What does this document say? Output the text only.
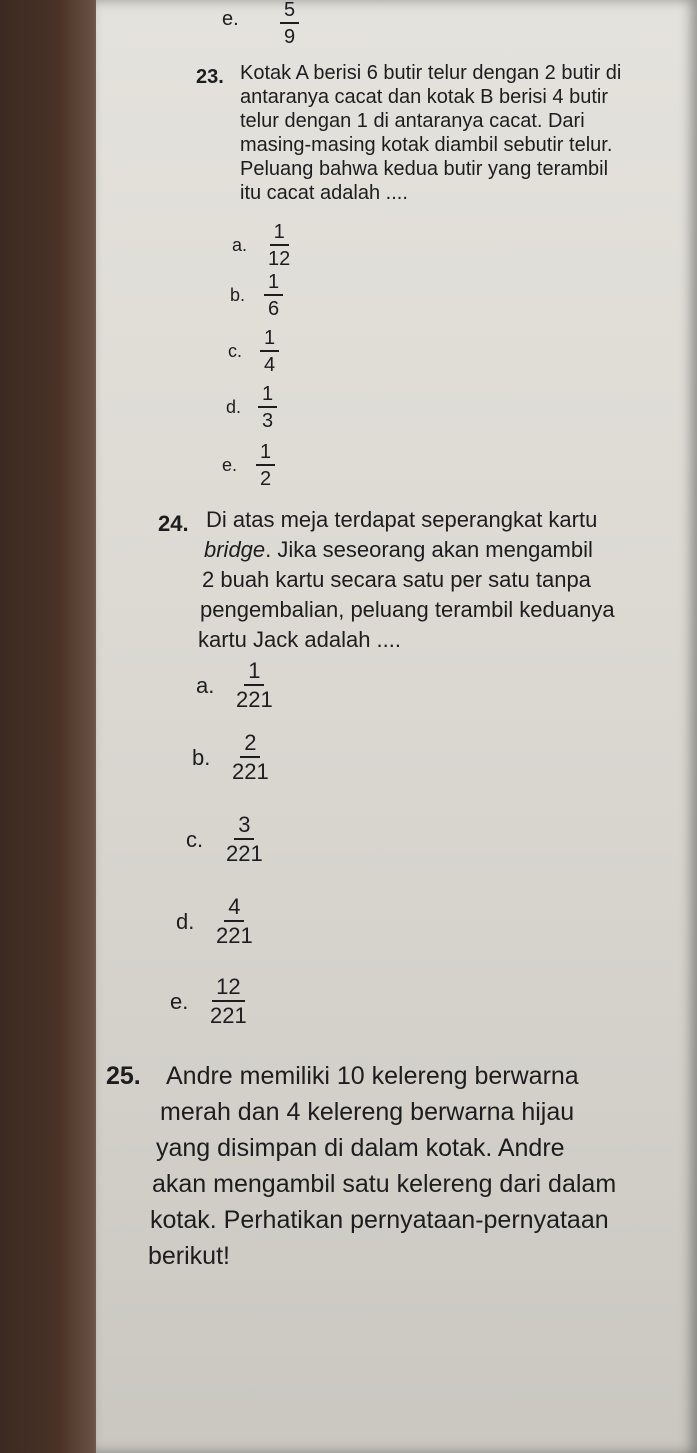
e.	$\frac{5}{9}$
23. Kotak A berisi 6 butir telur dengan 2 butir di
antaranya cacat dan kotak B berisi 4 butir
telur dengan 1 di antaranya cacat. Dari
masing-masing kotak diambil sebutir telur.
Peluang bahwa kedua butir yang terambil
itu cacat adalah ....
a.	$\frac{1}{12}$
b. $\frac{1}{6}$
c. $\frac{1}{4}$
d. $\frac{1}{3}$
e. $\frac{1}{2}$
24. Di atas meja terdapat seperangkat kartu
bridge. Jika seseorang akan mengambil
2 buah kartu secara satu per satu tanpa
pengembalian, peluang terambil keduanya
kartu Jack adalah ....
a. $\frac{1}{221}$
b. $\frac{2}{221}$
c.	$\frac{3}{221}$
d. $\frac{4}{221}$
e. $\frac{12}{221}$
25. Andre memiliki 10 kelereng berwarna
merah dan 4 kelereng berwarna hijau
yang disimpan di dalam kotak. Andre
akan mengambil satu kelereng dari dalam
kotak. Perhatikan pernyataan-pernyataan
berikut!
